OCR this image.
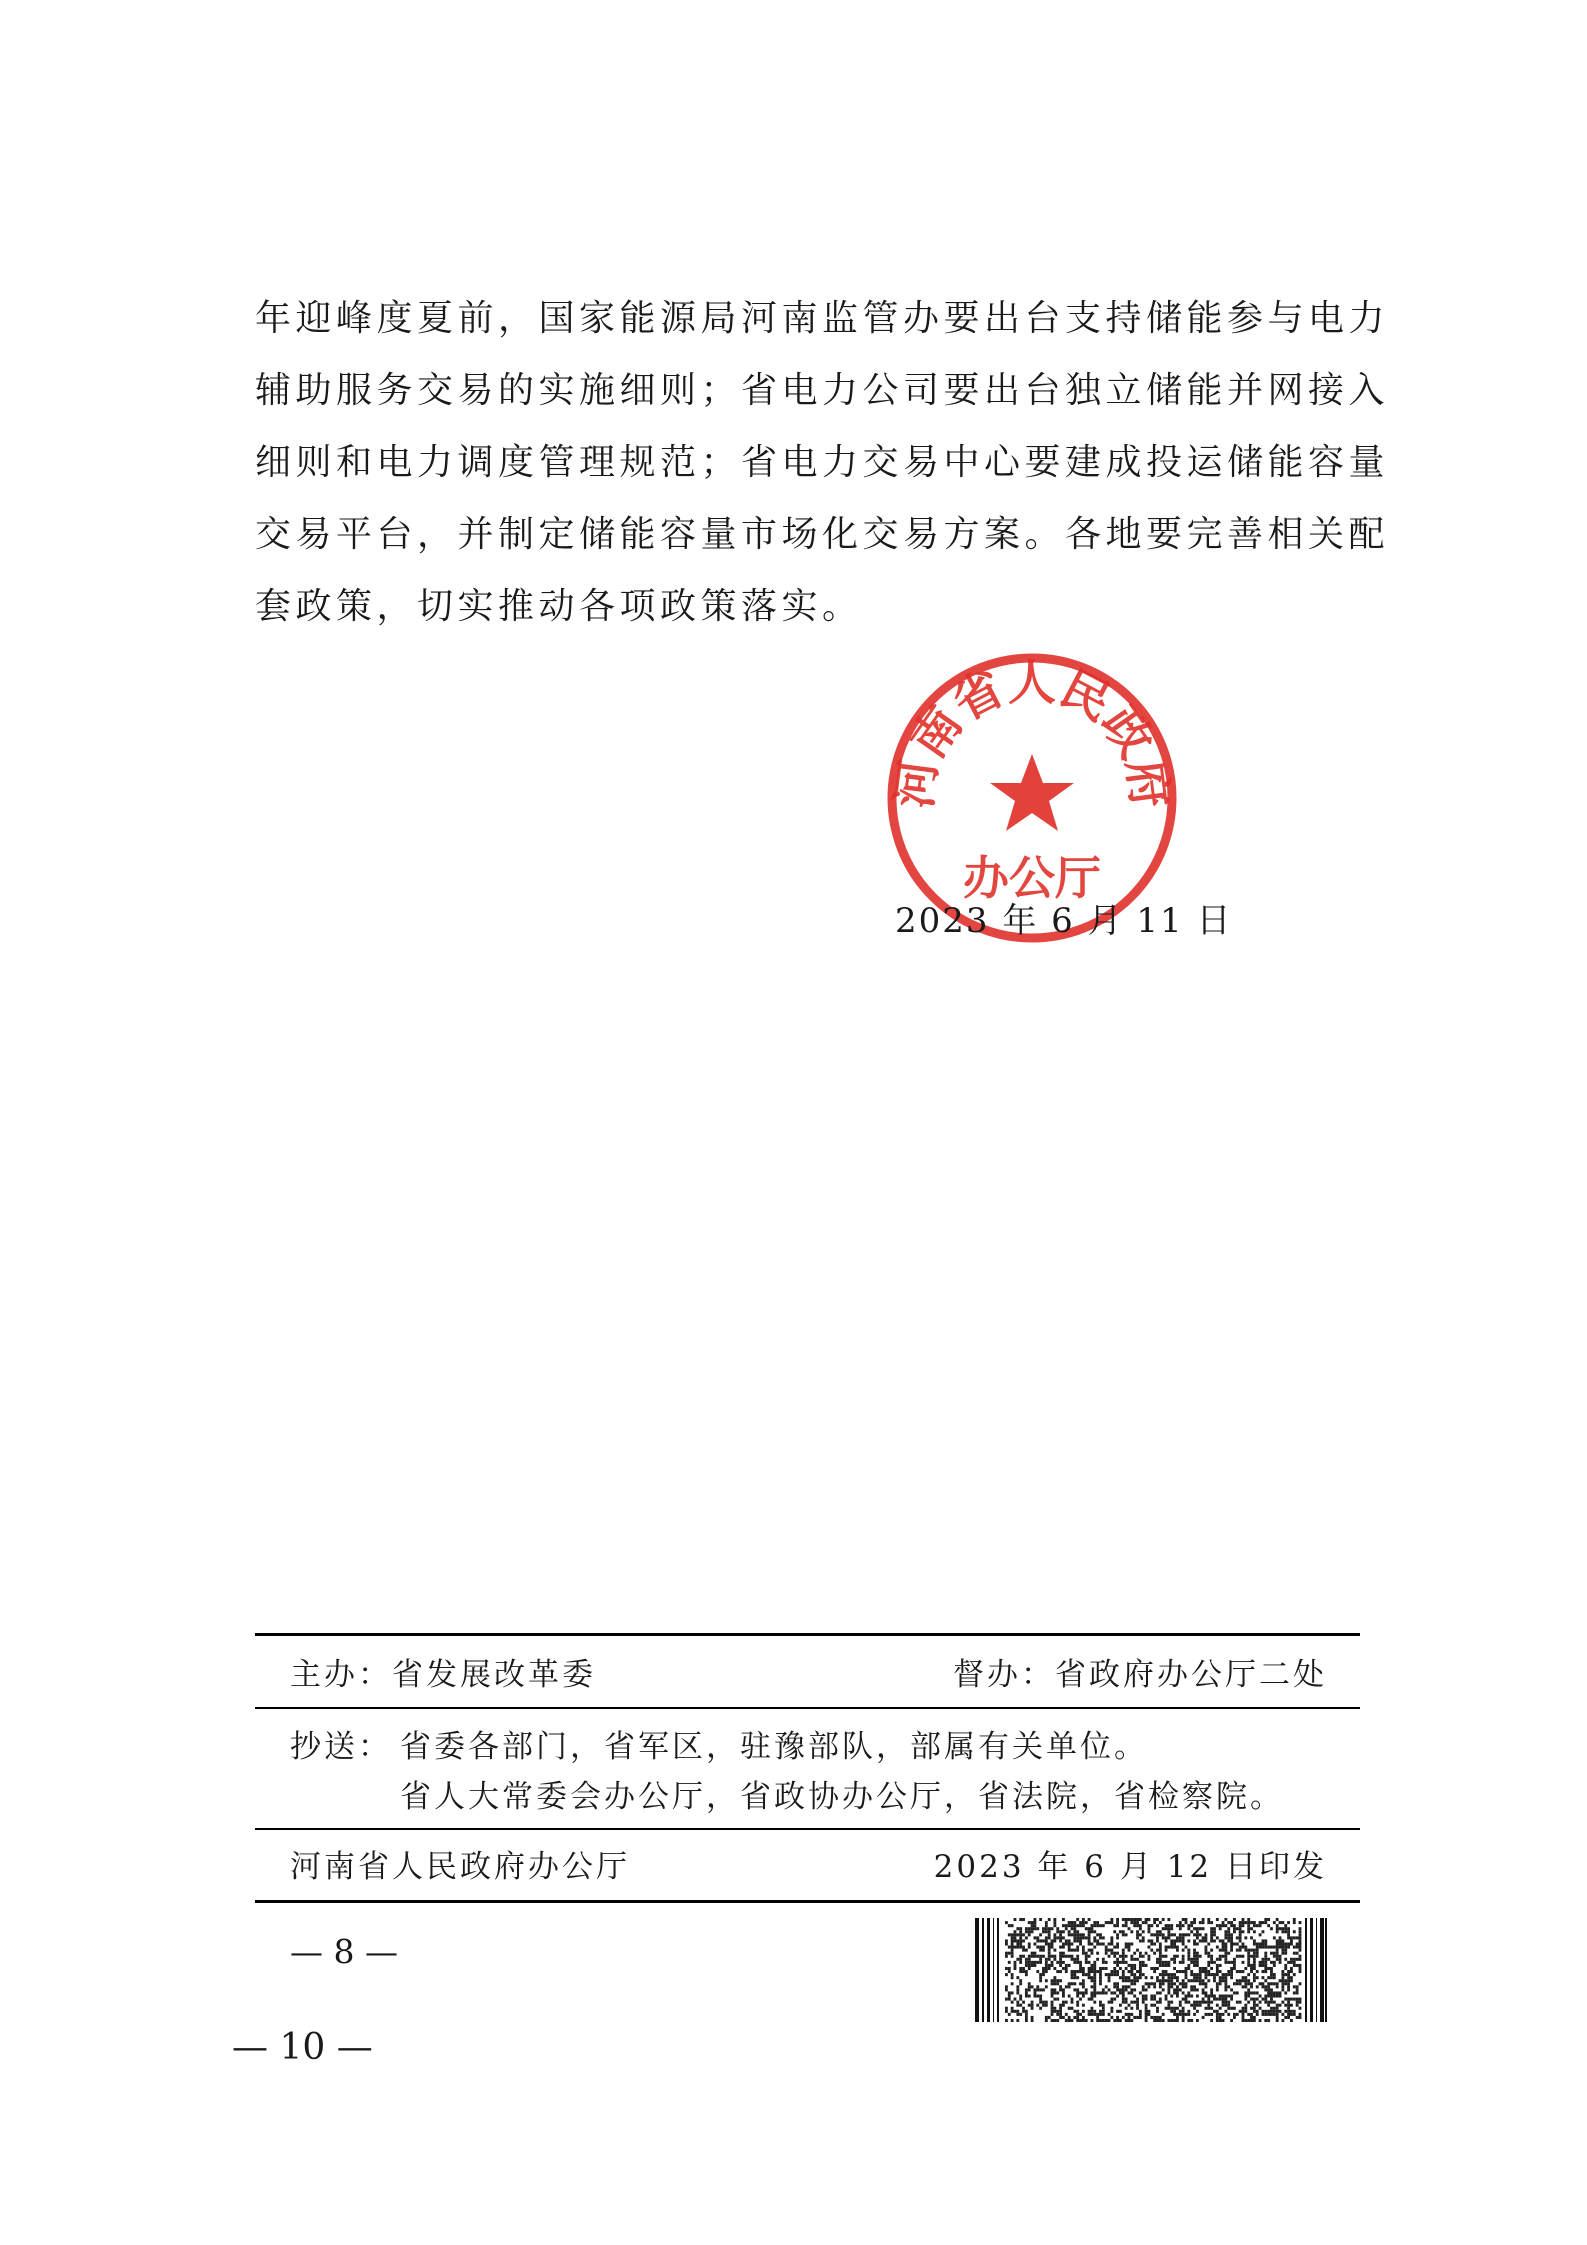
年迎峰度夏前，国家能源局河南监管办要出台支持储能参与电力
辅助服务交易的实施细则；省电力公司要出台独立储能并网接入
细则和电力调度管理规范；省电力交易中心要建成投运储能容量
交易平台，并制定储能容量市场化交易方案。各地要完善相关配
套政策，切实推动各项政策落实。
河南省人民政府
办公厅
2023 年 6 月 11 日
主办：省发展改革委	督办：省政府办公厅二处
抄送： 省委各部门，省军区，驻豫部队，部属有关单位。
省人大常委会办公厅，省政协办公厅，省法院，省检察院。
河南省人民政府办公厅	2023 年 6 月 12 日印发
— 8 —
— 10 —
